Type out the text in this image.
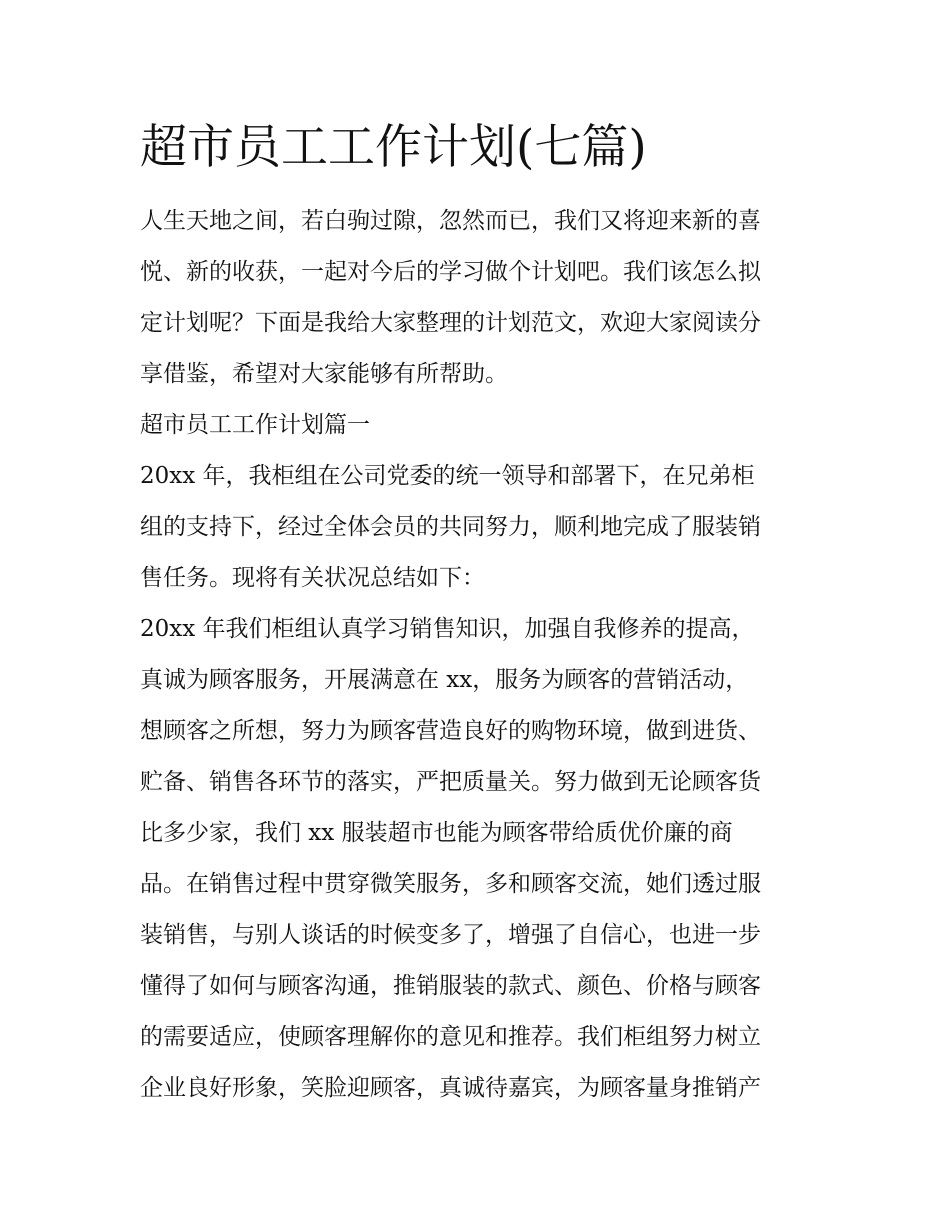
超市员工工作计划(七篇)

人生天地之间，若白驹过隙，忽然而已，我们又将迎来新的喜

悦、新的收获，一起对今后的学习做个计划吧。我们该怎么拟

定计划呢？下面是我给大家整理的计划范文，欢迎大家阅读分

享借鉴，希望对大家能够有所帮助。

超市员工工作计划篇一

20xx 年，我柜组在公司党委的统一领导和部署下，在兄弟柜

组的支持下，经过全体会员的共同努力，顺利地完成了服装销

售任务。现将有关状况总结如下：

20xx 年我们柜组认真学习销售知识，加强自我修养的提高，

真诚为顾客服务，开展满意在 xx，服务为顾客的营销活动，

想顾客之所想，努力为顾客营造良好的购物环境，做到进货、

贮备、销售各环节的落实，严把质量关。努力做到无论顾客货

比多少家，我们 xx 服装超市也能为顾客带给质优价廉的商

品。在销售过程中贯穿微笑服务，多和顾客交流，她们透过服

装销售，与别人谈话的时候变多了，增强了自信心，也进一步

懂得了如何与顾客沟通，推销服装的款式、颜色、价格与顾客

的需要适应，使顾客理解你的意见和推荐。我们柜组努力树立

企业良好形象，笑脸迎顾客，真诚待嘉宾，为顾客量身推销产
